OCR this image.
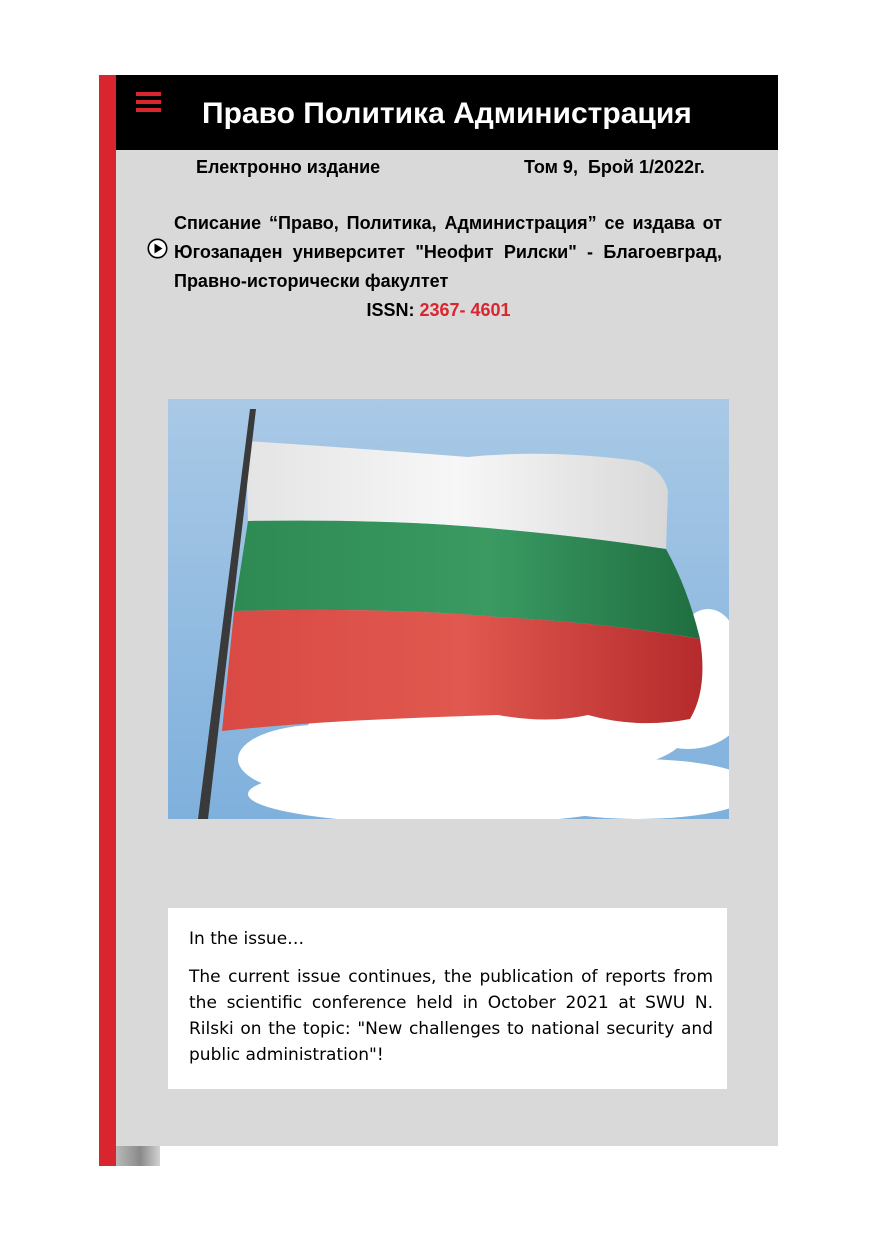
Право Политика Администрация
Електронно издание	Том 9,  Брой 1/2022г.
Списание “Право, Политика, Администрация” се издава от Югозападен университет "Неофит Рилски" - Благоевград, Правно-исторически факултет
ISSN: 2367- 4601

In the issue…

The current issue continues, the publication of reports from the scientific conference held in October 2021 at SWU N. Rilski on the topic: "New challenges to national security and public administration"!
